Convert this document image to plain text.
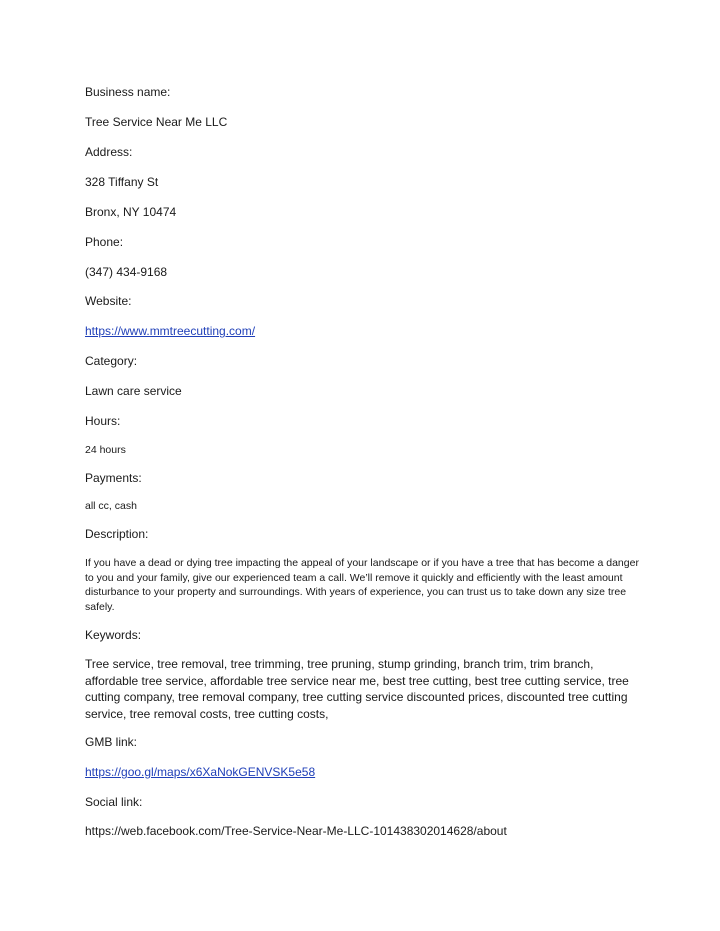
Business name:

Tree Service Near Me LLC

Address:

328 Tiffany St

Bronx, NY 10474

Phone:

(347) 434-9168

Website:

https://www.mmtreecutting.com/

Category:

Lawn care service

Hours:

24 hours

Payments:

all cc, cash

Description:

If you have a dead or dying tree impacting the appeal of your landscape or if you have a tree that has become a danger to you and your family, give our experienced team a call. We’ll remove it quickly and efficiently with the least amount disturbance to your property and surroundings. With years of experience, you can trust us to take down any size tree safely.

Keywords:

Tree service, tree removal, tree trimming, tree pruning, stump grinding, branch trim, trim branch, affordable tree service, affordable tree service near me, best tree cutting, best tree cutting service, tree cutting company, tree removal company, tree cutting service discounted prices, discounted tree cutting service, tree removal costs, tree cutting costs,

GMB link:

https://goo.gl/maps/x6XaNokGENVSK5e58

Social link:

https://web.facebook.com/Tree-Service-Near-Me-LLC-101438302014628/about
